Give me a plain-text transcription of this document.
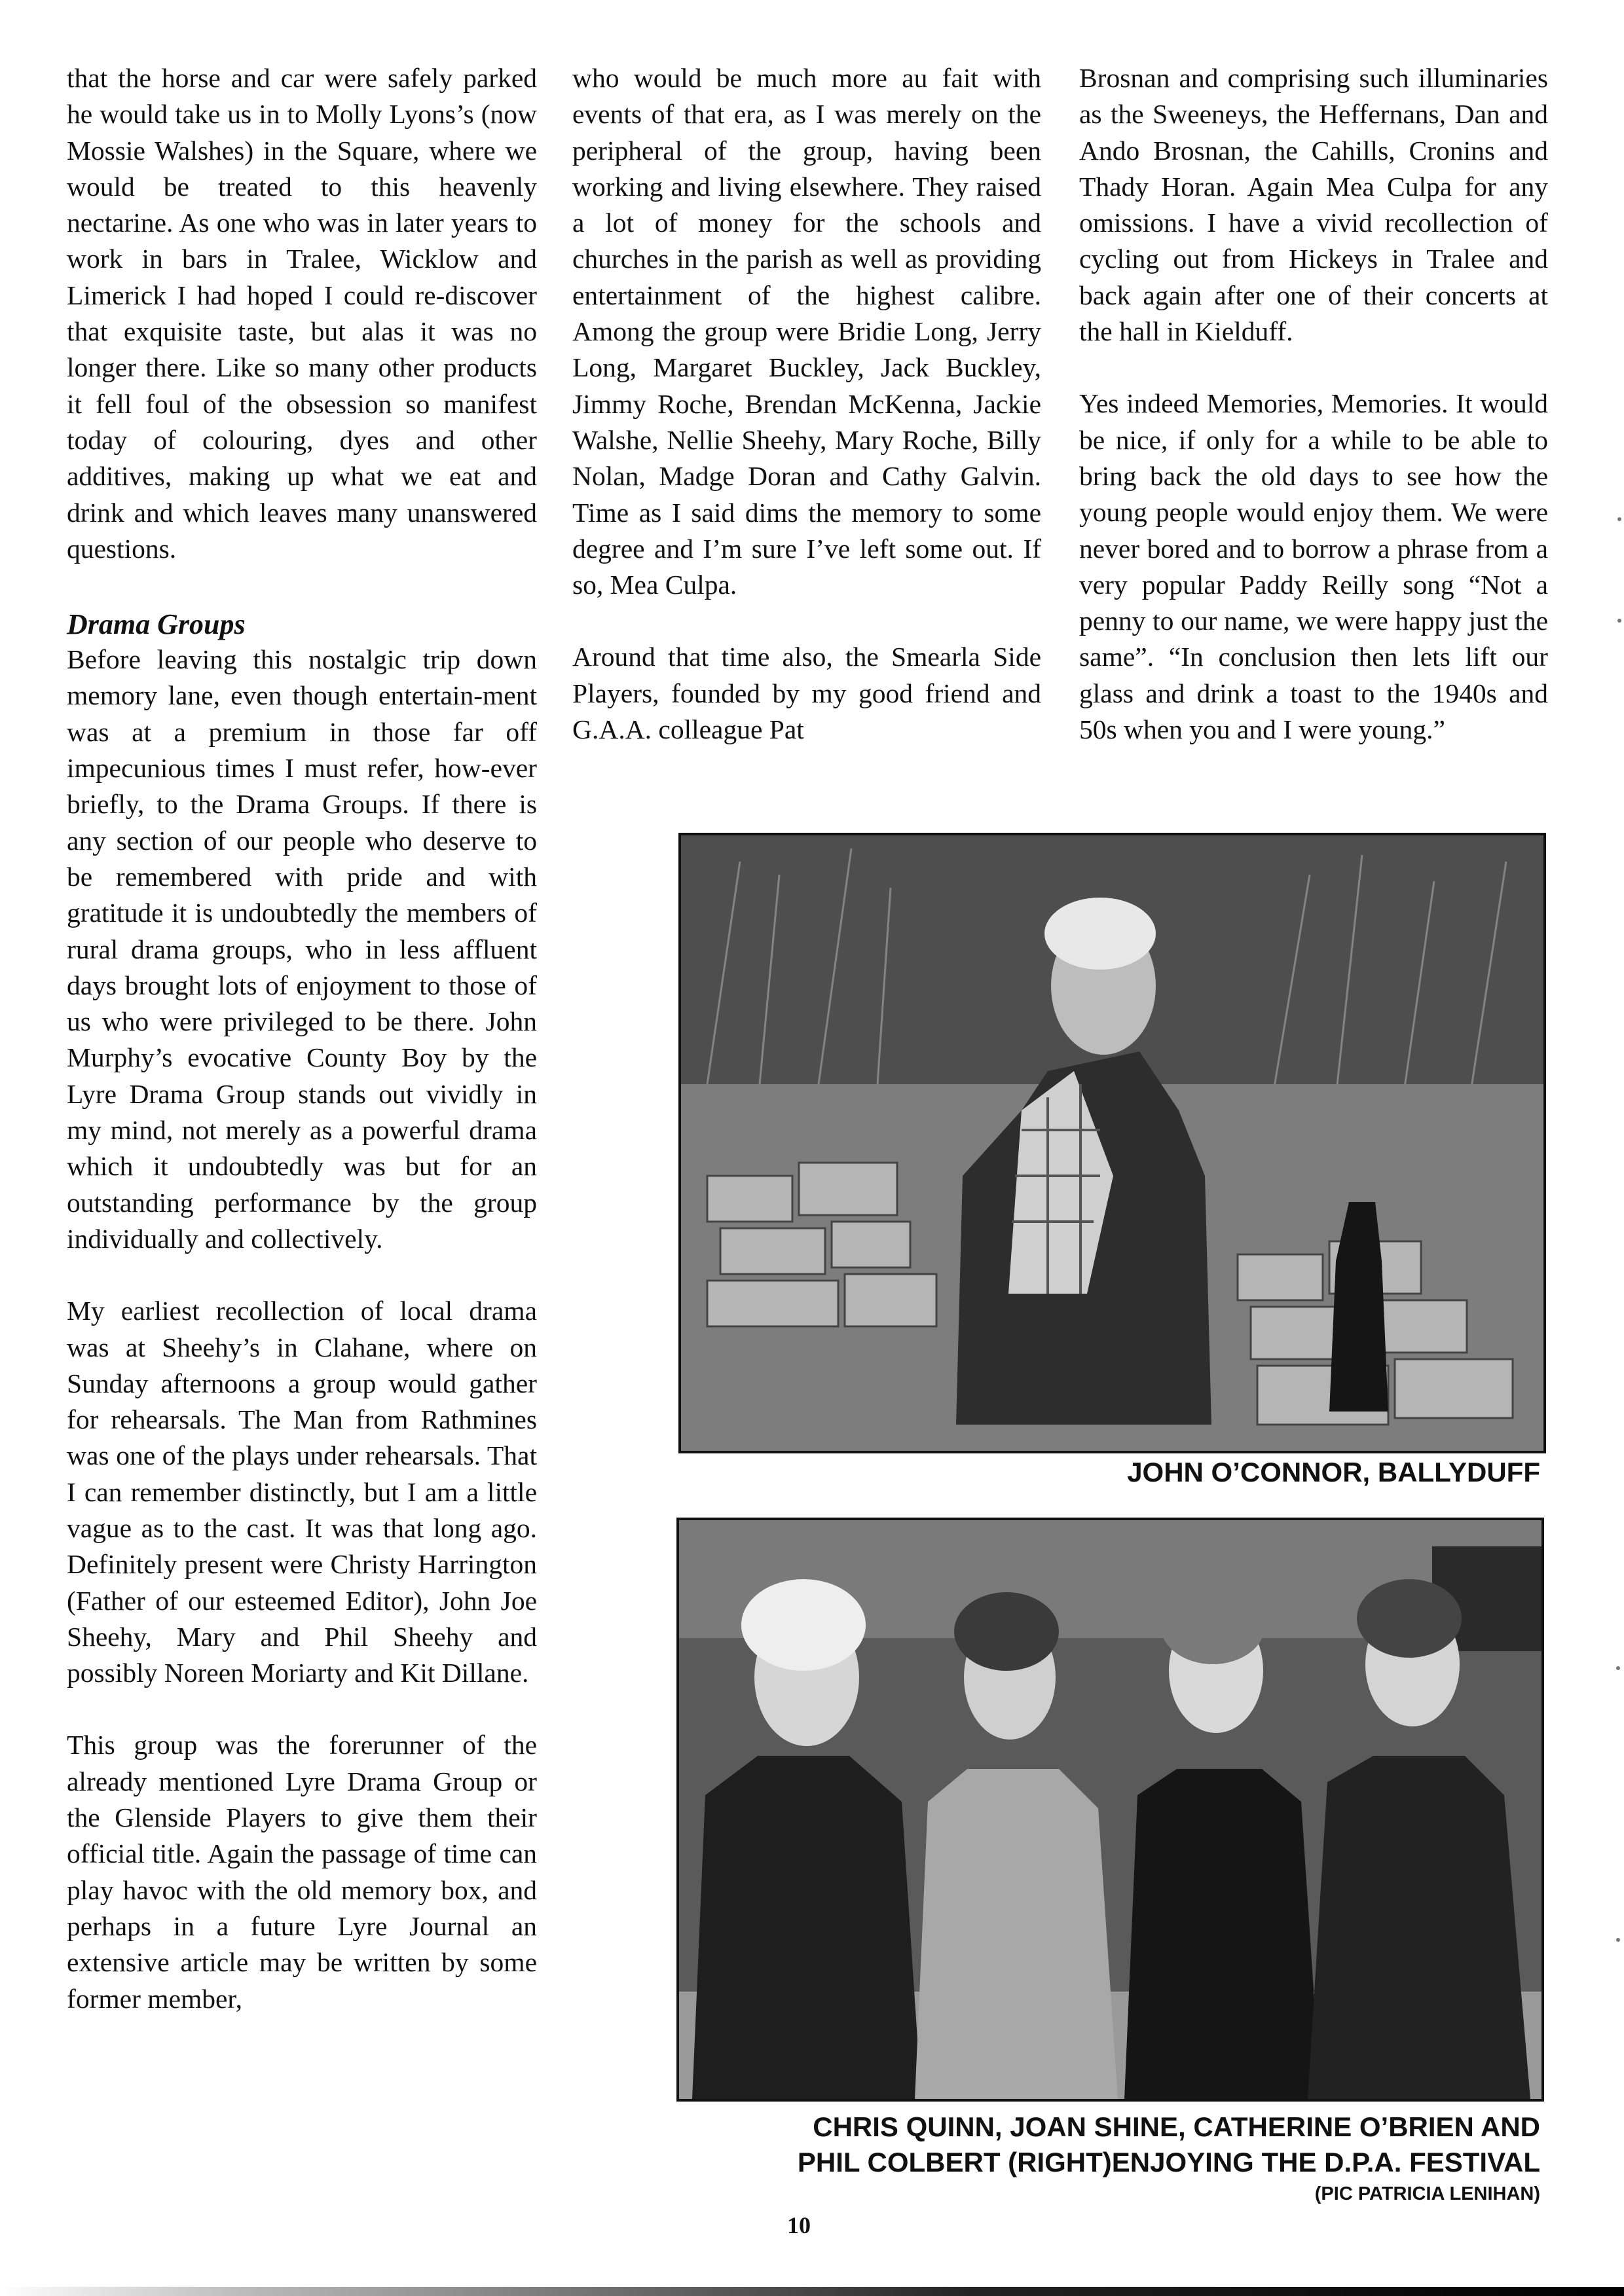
that the horse and car were safely parked he would take us in to Molly Lyons’s (now Mossie Walshes) in the Square, where we would be treated to this heavenly nectarine. As one who was in later years to work in bars in Tralee, Wicklow and Limerick I had hoped I could re-discover that exquisite taste, but alas it was no longer there. Like so many other products it fell foul of the obsession so manifest today of colouring, dyes and other additives, making up what we eat and drink and which leaves many unanswered questions.

Drama Groups

Before leaving this nostalgic trip down memory lane, even though entertain-ment was at a premium in those far off impecunious times I must refer, how-ever briefly, to the Drama Groups. If there is any section of our people who deserve to be remembered with pride and with gratitude it is undoubtedly the members of rural drama groups, who in less affluent days brought lots of enjoyment to those of us who were privileged to be there. John Murphy’s evocative County Boy by the Lyre Drama Group stands out vividly in my mind, not merely as a powerful drama which it undoubtedly was but for an outstanding performance by the group individually and collectively.

My earliest recollection of local drama was at Sheehy’s in Clahane, where on Sunday afternoons a group would gather for rehearsals. The Man from Rathmines was one of the plays under rehearsals. That I can remember distinctly, but I am a little vague as to the cast. It was that long ago. Definitely present were Christy Harrington (Father of our esteemed Editor), John Joe Sheehy, Mary and Phil Sheehy and possibly Noreen Moriarty and Kit Dillane.

This group was the forerunner of the already mentioned Lyre Drama Group or the Glenside Players to give them their official title. Again the passage of time can play havoc with the old memory box, and perhaps in a future Lyre Journal an extensive article may be written by some former member,

who would be much more au fait with events of that era, as I was merely on the peripheral of the group, having been working and living elsewhere. They raised a lot of money for the schools and churches in the parish as well as providing entertainment of the highest calibre. Among the group were Bridie Long, Jerry Long, Margaret Buckley, Jack Buckley, Jimmy Roche, Brendan McKenna, Jackie Walshe, Nellie Sheehy, Mary Roche, Billy Nolan, Madge Doran and Cathy Galvin. Time as I said dims the memory to some degree and I’m sure I’ve left some out. If so, Mea Culpa.

Around that time also, the Smearla Side Players, founded by my good friend and G.A.A. colleague Pat

Brosnan and comprising such illuminaries as the Sweeneys, the Heffernans, Dan and Ando Brosnan, the Cahills, Cronins and Thady Horan. Again Mea Culpa for any omissions. I have a vivid recollection of cycling out from Hickeys in Tralee and back again after one of their concerts at the hall in Kielduff.

Yes indeed Memories, Memories. It would be nice, if only for a while to be able to bring back the old days to see how the young people would enjoy them. We were never bored and to borrow a phrase from a very popular Paddy Reilly song “Not a penny to our name, we were happy just the same”. “In conclusion then lets lift our glass and drink a toast to the 1940s and 50s when you and I were young.”

JOHN O’CONNOR, BALLYDUFF
CHRIS QUINN, JOAN SHINE, CATHERINE O’BRIEN AND
PHIL COLBERT (RIGHT)ENJOYING THE D.P.A. FESTIVAL
(PIC PATRICIA LENIHAN)
10
